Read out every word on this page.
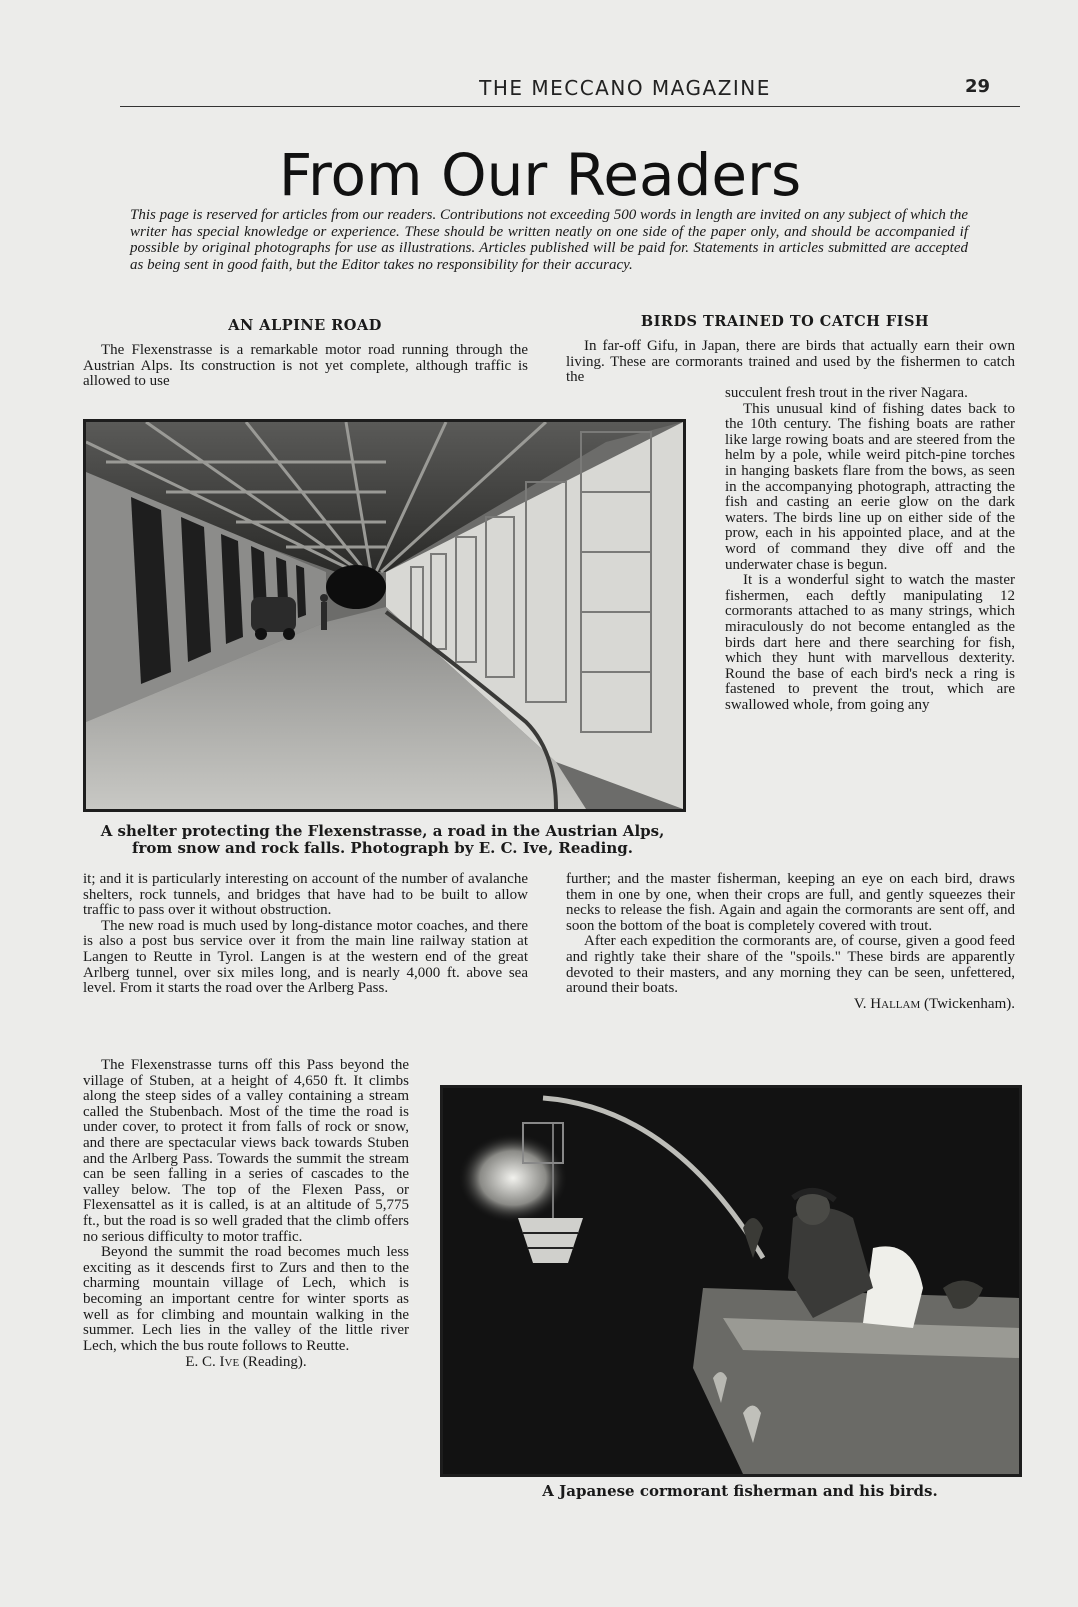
THE MECCANO MAGAZINE	29
From Our Readers
This page is reserved for articles from our readers. Contributions not exceeding 500 words in length are invited on any subject of which the writer has special knowledge or experience. These should be written neatly on one side of the paper only, and should be accompanied if possible by original photographs for use as illustrations. Articles published will be paid for. Statements in articles submitted are accepted as being sent in good faith, but the Editor takes no responsibility for their accuracy.
AN ALPINE ROAD

The Flexenstrasse is a remarkable motor road running through the Austrian Alps. Its construction is not yet complete, although traffic is allowed to use

BIRDS TRAINED TO CATCH FISH

In far-off Gifu, in Japan, there are birds that actually earn their own living. These are cormorants trained and used by the fishermen to catch the

succulent fresh trout in the river Nagara.

This unusual kind of fishing dates back to the 10th century. The fishing boats are rather like large rowing boats and are steered from the helm by a pole, while weird pitch-pine torches in hanging baskets flare from the bows, as seen in the accompanying photograph, attracting the fish and casting an eerie glow on the dark waters. The birds line up on either side of the prow, each in his appointed place, and at the word of command they dive off and the underwater chase is begun.

It is a wonderful sight to watch the master fishermen, each deftly manipulating 12 cormorants attached to as many strings, which miraculously do not become entangled as the birds dart here and there searching for fish, which they hunt with marvellous dexterity. Round the base of each bird's neck a ring is fastened to prevent the trout, which are swallowed whole, from going any

A shelter protecting the Flexenstrasse, a road in the Austrian Alps, from snow and rock falls. Photograph by E. C. Ive, Reading.

it; and it is particularly interesting on account of the number of avalanche shelters, rock tunnels, and bridges that have had to be built to allow traffic to pass over it without obstruction.

The new road is much used by long-distance motor coaches, and there is also a post bus service over it from the main line railway station at Langen to Reutte in Tyrol. Langen is at the western end of the great Arlberg tunnel, over six miles long, and is nearly 4,000 ft. above sea level. From it starts the road over the Arlberg Pass.

The Flexenstrasse turns off this Pass beyond the village of Stuben, at a height of 4,650 ft. It climbs along the steep sides of a valley containing a stream called the Stubenbach. Most of the time the road is under cover, to protect it from falls of rock or snow, and there are spectacular views back towards Stuben and the Arlberg Pass. Towards the summit the stream can be seen falling in a series of cascades to the valley below. The top of the Flexen Pass, or Flexensattel as it is called, is at an altitude of 5,775 ft., but the road is so well graded that the climb offers no serious difficulty to motor traffic.

Beyond the summit the road becomes much less exciting as it descends first to Zurs and then to the charming mountain village of Lech, which is becoming an important centre for winter sports as well as for climbing and mountain walking in the summer. Lech lies in the valley of the little river Lech, which the bus route follows to Reutte.

E. C. Ive (Reading).

further; and the master fisherman, keeping an eye on each bird, draws them in one by one, when their crops are full, and gently squeezes their necks to release the fish. Again and again the cormorants are sent off, and soon the bottom of the boat is completely covered with trout.

After each expedition the cormorants are, of course, given a good feed and rightly take their share of the "spoils." These birds are apparently devoted to their masters, and any morning they can be seen, unfettered, around their boats.

V. Hallam (Twickenham).
A Japanese cormorant fisherman and his birds.
